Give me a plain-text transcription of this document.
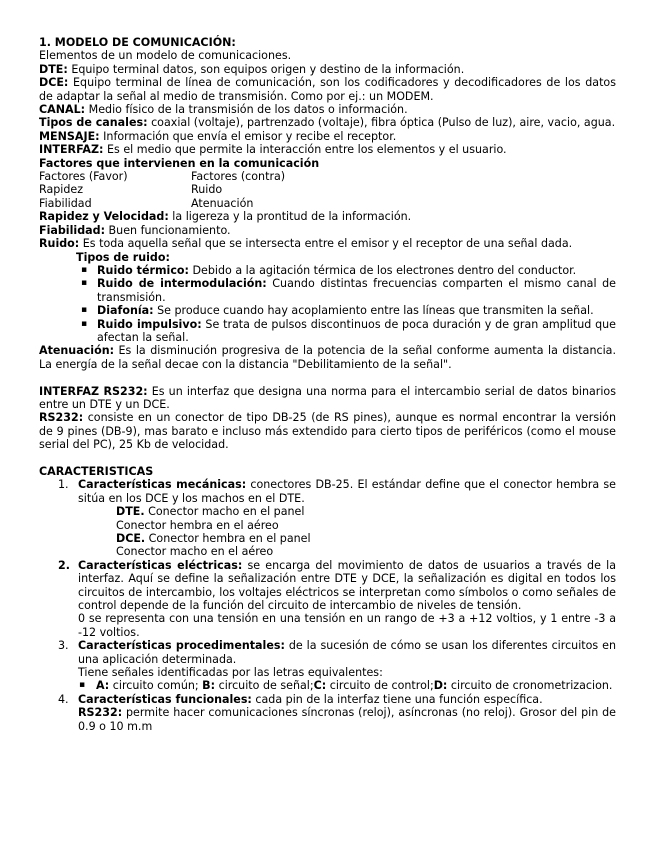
1. MODELO DE COMUNICACIÓN:

Elementos de un modelo de comunicaciones.

DTE: Equipo terminal datos, son equipos origen y destino de la información.

DCE: Equipo terminal de línea de comunicación, son los codificadores y decodificadores de los datos de adaptar la señal al medio de transmisión. Como por ej.: un MODEM.

CANAL: Medio físico de la transmisión de los datos o información.

Tipos de canales: coaxial (voltaje), partrenzado (voltaje), fibra óptica (Pulso de luz), aire, vacio, agua.

MENSAJE: Información que envía el emisor y recibe el receptor.

INTERFAZ: Es el medio que permite la interacción entre los elementos y el usuario.

Factores que intervienen en la comunicación

Factores (Favor)	Factores (contra)
Rapidez	Ruido
Fiabilidad	Atenuación

Rapidez y Velocidad: la ligereza y la prontitud de la información.

Fiabilidad: Buen funcionamiento.

Ruido: Es toda aquella señal que se intersecta entre el emisor y el receptor de una señal dada.

Tipos de ruido:

▪ Ruido térmico: Debido a la agitación térmica de los electrones dentro del conductor.

▪ Ruido de intermodulación: Cuando distintas frecuencias comparten el mismo canal de transmisión.

▪ Diafonía: Se produce cuando hay acoplamiento entre las líneas que transmiten la señal.

▪ Ruido impulsivo: Se trata de pulsos discontinuos de poca duración y de gran amplitud que afectan la señal.

Atenuación: Es la disminución progresiva de la potencia de la señal conforme aumenta la distancia. La energía de la señal decae con la distancia "Debilitamiento de la señal".

INTERFAZ RS232: Es un interfaz que designa una norma para el intercambio serial de datos binarios entre un DTE y un DCE.

RS232: consiste en un conector de tipo DB-25 (de RS pines), aunque es normal encontrar la versión de 9 pines (DB-9), mas barato e incluso más extendido para cierto tipos de periféricos (como el mouse serial del PC), 25 Kb de velocidad.

CARACTERISTICAS

1. Características mecánicas: conectores DB-25. El estándar define que el conector hembra se sitúa en los DCE y los machos en el DTE.

DTE. Conector macho en el panel

Conector hembra en el aéreo

DCE. Conector hembra en el panel

Conector macho en el aéreo

2. Características eléctricas: se encarga del movimiento de datos de usuarios a través de la interfaz. Aquí se define la señalización entre DTE y DCE, la señalización es digital en todos los circuitos de intercambio, los voltajes eléctricos se interpretan como símbolos o como señales de control depende de la función del circuito de intercambio de niveles de tensión.

0 se representa con una tensión en una tensión en un rango de +3 a +12 voltios, y 1 entre -3 a -12 voltios.

3. Características procedimentales: de la sucesión de cómo se usan los diferentes circuitos en una aplicación determinada.

Tiene señales identificadas por las letras equivalentes:

▪ A: circuito común; B: circuito de señal;C: circuito de control;D: circuito de cronometrizacion.

4. Características funcionales: cada pin de la interfaz tiene una función específica.

RS232: permite hacer comunicaciones síncronas (reloj), asíncronas (no reloj). Grosor del pin de 0.9 o 10 m.m
